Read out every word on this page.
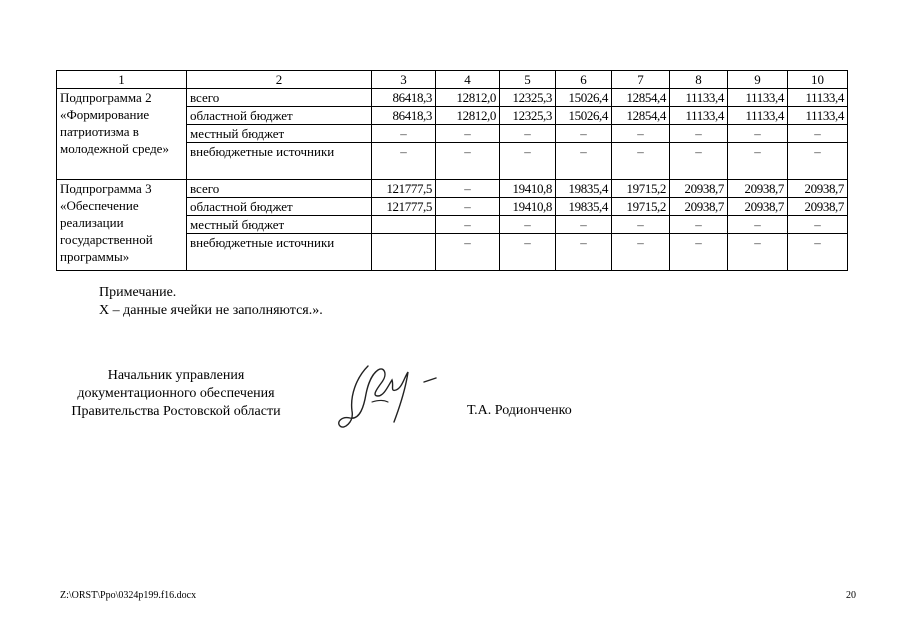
1	2	3	4	5	6	7	8	9	10
Подпрограмма 2 «Формирование патриотизма в молодежной среде»	всего	86418,3	12812,0	12325,3	15026,4	12854,4	11133,4	11133,4	11133,4
	областной бюджет	86418,3	12812,0	12325,3	15026,4	12854,4	11133,4	11133,4	11133,4
	местный бюджет	–	–	–	–	–	–	–	–
	внебюджетные источники	–	–	–	–	–	–	–	–
Подпрограмма 3 «Обеспечение реализации государственной программы»	всего	121777,5	–	19410,8	19835,4	19715,2	20938,7	20938,7	20938,7
	областной бюджет	121777,5	–	19410,8	19835,4	19715,2	20938,7	20938,7	20938,7
	местный бюджет		–	–	–	–	–	–	–
	внебюджетные источники		–	–	–	–	–	–	–
Примечание.
Х – данные ячейки не заполняются.».
Начальник управления
документационного обеспечения
Правительства Ростовской области	Т.А. Родионченко
Z:\ORST\Ppo\0324p199.f16.docx	20
